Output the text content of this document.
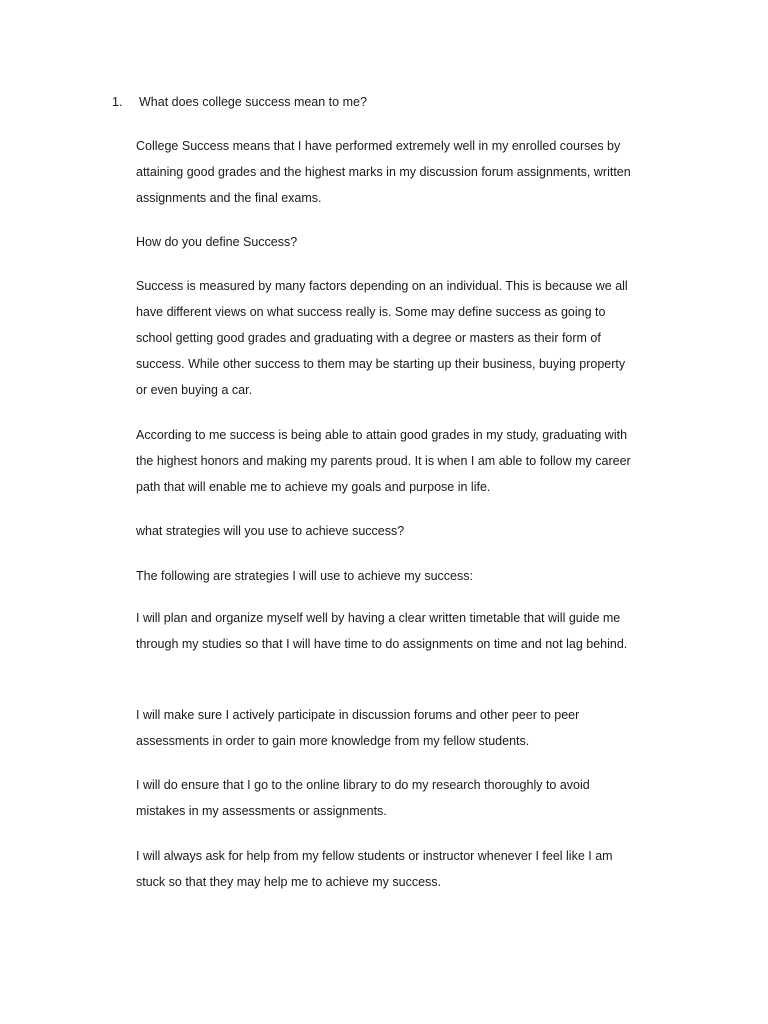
1.	What does college success mean to me?

College Success means that I have performed extremely well in my enrolled courses by attaining good grades and the highest marks in my discussion forum assignments, written assignments and the final exams.

How do you define Success?

Success is measured by many factors depending on an individual. This is because we all have different views on what success really is. Some may define success as going to school getting good grades and graduating with a degree or masters as their form of success. While other success to them may be starting up their business, buying property or even buying a car.

According to me success is being able to attain good grades in my study, graduating with the highest honors and making my parents proud. It is when I am able to follow my career path that will enable me to achieve my goals and purpose in life.

what strategies will you use to achieve success?

The following are strategies I will use to achieve my success:

I will plan and organize myself well by having a clear written timetable that will guide me through my studies so that I will have time to do assignments on time and not lag behind.

I will make sure I actively participate in discussion forums and other peer to peer assessments in order to gain more knowledge from my fellow students.

I will do ensure that I go to the online library to do my research thoroughly to avoid mistakes in my assessments or assignments.

I will always ask for help from my fellow students or instructor whenever I feel like I am stuck so that they may help me to achieve my success.
